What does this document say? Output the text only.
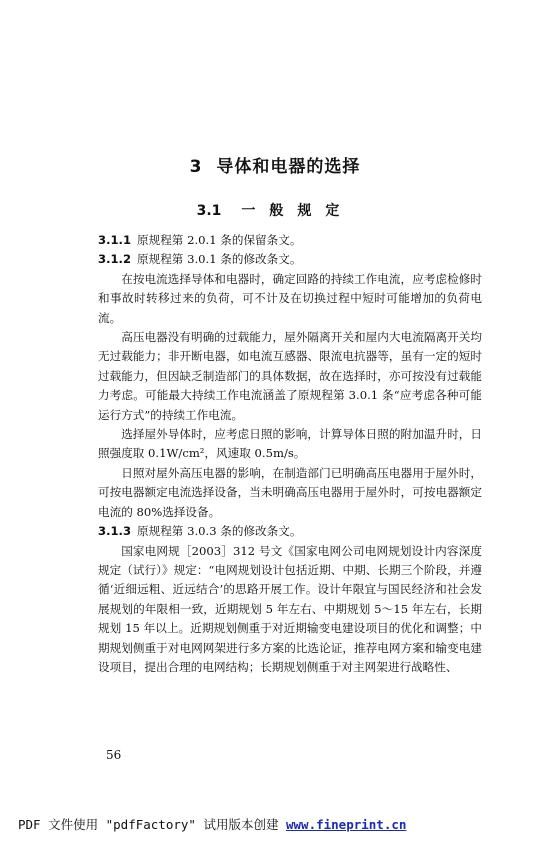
3 导体和电器的选择
3.1 一般规定

3.1.1 原规程第 2.0.1 条的保留条文。

3.1.2 原规程第 3.0.1 条的修改条文。

在按电流选择导体和电器时，确定回路的持续工作电流，应考虑检修时和事故时转移过来的负荷，可不计及在切换过程中短时可能增加的负荷电流。

高压电器没有明确的过载能力，屋外隔离开关和屋内大电流隔离开关均无过载能力；非开断电器，如电流互感器、限流电抗器等，虽有一定的短时过载能力，但因缺乏制造部门的具体数据，故在选择时，亦可按没有过载能力考虑。可能最大持续工作电流涵盖了原规程第 3.0.1 条“应考虑各种可能运行方式”的持续工作电流。

选择屋外导体时，应考虑日照的影响，计算导体日照的附加温升时，日照强度取 0.1W/cm²，风速取 0.5m/s。

日照对屋外高压电器的影响，在制造部门已明确高压电器用于屋外时，可按电器额定电流选择设备，当未明确高压电器用于屋外时，可按电器额定电流的 80%选择设备。

3.1.3 原规程第 3.0.3 条的修改条文。

国家电网规［2003］312 号文《国家电网公司电网规划设计内容深度规定（试行）》规定：“电网规划设计包括近期、中期、长期三个阶段，并遵循‘近细远粗、近远结合’的思路开展工作。设计年限宜与国民经济和社会发展规划的年限相一致，近期规划 5 年左右、中期规划 5～15 年左右，长期规划 15 年以上。近期规划侧重于对近期输变电建设项目的优化和调整；中期规划侧重于对电网网架进行多方案的比选论证，推荐电网方案和输变电建设项目，提出合理的电网结构；长期规划侧重于对主网架进行战略性、

56
PDF 文件使用 "pdfFactory" 试用版本创建 www.fineprint.cn
